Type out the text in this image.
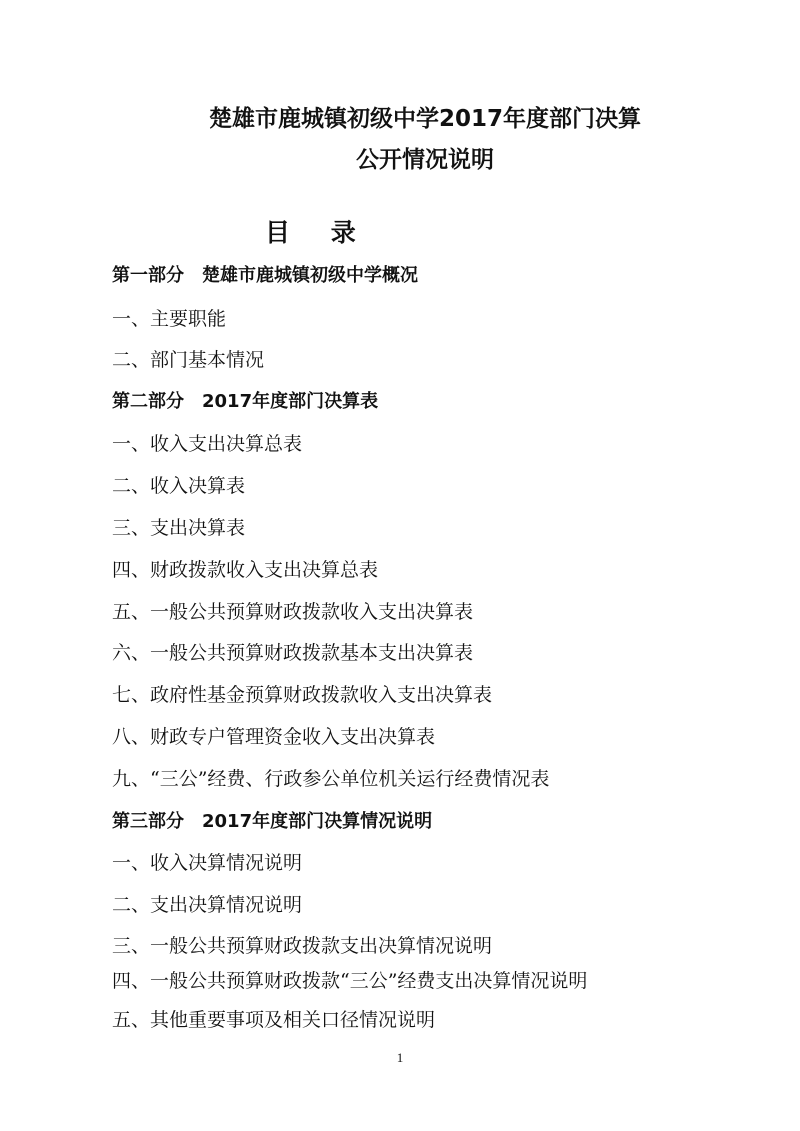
楚雄市鹿城镇初级中学2017年度部门决算
公开情况说明
目 录
第一部分 楚雄市鹿城镇初级中学概况
一、主要职能
二、部门基本情况
第二部分 2017年度部门决算表
一、收入支出决算总表
二、收入决算表
三、支出决算表
四、财政拨款收入支出决算总表
五、一般公共预算财政拨款收入支出决算表
六、一般公共预算财政拨款基本支出决算表
七、政府性基金预算财政拨款收入支出决算表
八、财政专户管理资金收入支出决算表
九、“三公”经费、行政参公单位机关运行经费情况表
第三部分 2017年度部门决算情况说明
一、收入决算情况说明
二、支出决算情况说明
三、一般公共预算财政拨款支出决算情况说明
四、一般公共预算财政拨款“三公”经费支出决算情况说明
五、其他重要事项及相关口径情况说明
1
